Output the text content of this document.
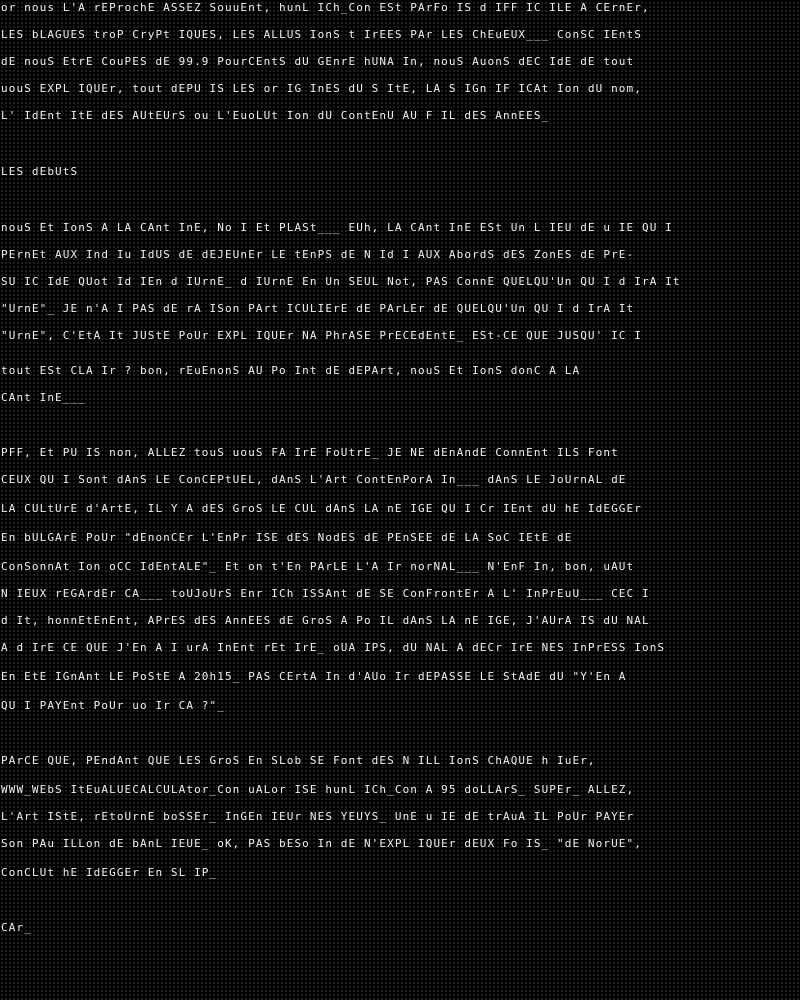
or nous L'A rEProchE ASSEZ SouuEnt, hunL ICh_Con ESt PArFo IS d IFF IC ILE A CErnEr,
LES bLAGUES troP CryPt IQUES, LES ALLUS IonS t IrEES PAr LES ChEuEUX___ ConSC IEntS
dE nouS EtrE CouPES dE 99.9 PourCEntS dU GEnrE hUNA In, nouS AuonS dEC IdE dE tout
uouS EXPL IQUEr, tout dEPU IS LES or IG InES dU S ItE, LA S IGn IF ICAt Ion dU nom,
L' IdEnt ItE dES AUtEUrS ou L'EuoLUt Ion dU ContEnU AU F IL dES AnnEES_
LES dEbUtS
nouS Et IonS A LA CAnt InE, No I Et PLASt___ EUh, LA CAnt InE ESt Un L IEU dE u IE QU I
PErnEt AUX Ind Iu IdUS dE dEJEUnEr LE tEnPS dE N Id I AUX AbordS dES ZonES dE PrE-
SU IC IdE QUot Id IEn d IUrnE_ d IUrnE En Un SEUL Not, PAS ConnE QUELQU'Un QU I d IrA It
"UrnE"_ JE n'A I PAS dE rA ISon PArt ICULIErE dE PArLEr dE QUELQU'Un QU I d IrA It
"UrnE", C'EtA It JUStE PoUr EXPL IQUEr NA PhrASE PrECEdEntE_ ESt-CE QUE JUSQU' IC I
tout ESt CLA Ir ? bon, rEuEnonS AU Po Int dE dEPArt, nouS Et IonS donC A LA
CAnt InE___
PFF, Et PU IS non, ALLEZ touS uouS FA IrE FoUtrE_ JE NE dEnAndE ConnEnt ILS Font
CEUX QU I Sont dAnS LE ConCEPtUEL, dAnS L'Art ContEnPorA In___ dAnS LE JoUrnAL dE
LA CULtUrE d'ArtE, IL Y A dES GroS LE CUL dAnS LA nE IGE QU I Cr IEnt dU hE IdEGGEr
En bULGArE PoUr "dEnonCEr L'EnPr ISE dES NodES dE PEnSEE dE LA SoC IEtE dE
ConSonnAt Ion oCC IdEntALE"_ Et on t'En PArLE L'A Ir norNAL___ N'EnF In, bon, uAUt
N IEUX rEGArdEr CA___ toUJoUrS Enr ICh ISSAnt dE SE ConFrontEr A L' InPrEuU___ CEC I
d It, honnEtEnEnt, APrES dES AnnEES dE GroS A Po IL dAnS LA nE IGE, J'AUrA IS dU NAL
A d IrE CE QUE J'En A I urA InEnt rEt IrE_ oUA IPS, dU NAL A dECr IrE NES InPrESS IonS
En EtE IGnAnt LE PoStE A 20h15_ PAS CErtA In d'AUo Ir dEPASSE LE StAdE dU "Y'En A
QU I PAYEnt PoUr uo Ir CA ?"_
PArCE QUE, PEndAnt QUE LES GroS En SLob SE Font dES N ILL IonS ChAQUE h IuEr,
WWW_WEbS ItEuALUECALCULAtor_Con uALor ISE hunL ICh_Con A 95 doLLArS_ SUPEr_ ALLEZ,
L'Art IStE, rEtoUrnE boSSEr_ InGEn IEUr NES YEUYS_ UnE u IE dE trAuA IL PoUr PAYEr
Son PAu ILLon dE bAnL IEUE_ oK, PAS bESo In dE N'EXPL IQUEr dEUX Fo IS_ "dE NorUE",
ConCLUt hE IdEGGEr En SL IP_
CAr_
